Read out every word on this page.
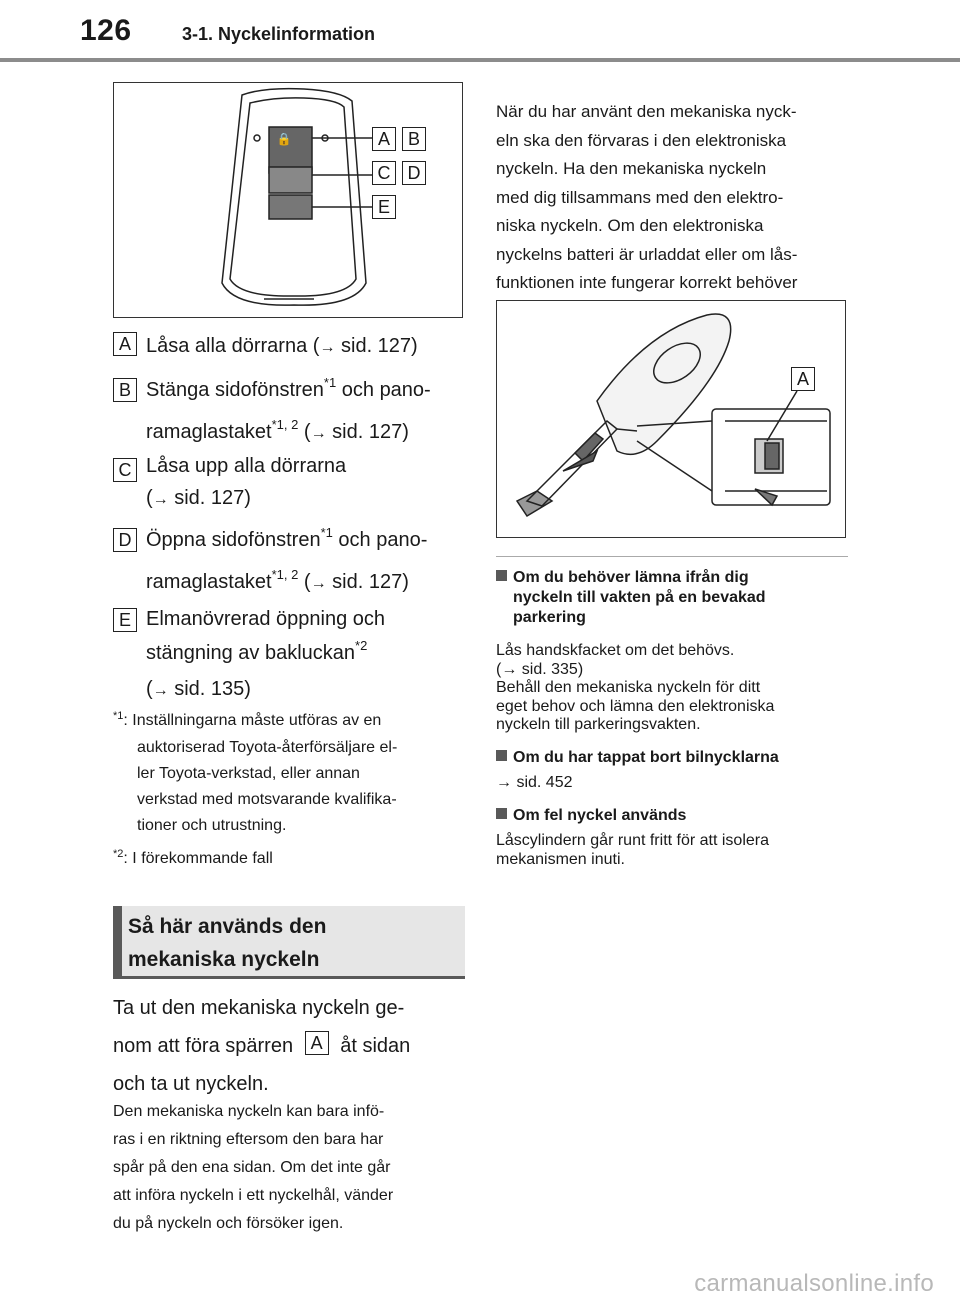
126	3-1. Nyckelinformation
🔒	A B
C D
E
A Låsa alla dörrarna (→ sid. 127)
B Stänga sidofönstren$^{*1}$ och pano-
ramaglastaket$^{*1, 2}$ (→ sid. 127)
C Låsa upp alla dörrarna
(→ sid. 127)
D Öppna sidofönstren$^{*1}$ och pano-
ramaglastaket$^{*1, 2}$ (→ sid. 127)
E Elmanövrerad öppning och
stängning av bakluckan$^{*2}$
(→ sid. 135)
$^{*1}$: Inställningarna måste utföras av en
auktoriserad Toyota-återförsäljare el-
ler Toyota-verkstad, eller annan
verkstad med motsvarande kvalifika-
tioner och utrustning.
$^{*2}$: I förekommande fall
Så här används den
mekaniska nyckeln
Ta ut den mekaniska nyckeln ge-
nom att föra spärren A åt sidan
och ta ut nyckeln.
Den mekaniska nyckeln kan bara infö-
ras i en riktning eftersom den bara har
spår på den ena sidan. Om det inte går
att införa nyckeln i ett nyckelhål, vänder
du på nyckeln och försöker igen.
När du har använt den mekaniska nyck-
eln ska den förvaras i den elektroniska
nyckeln. Ha den mekaniska nyckeln
med dig tillsammans med den elektro-
niska nyckeln. Om den elektroniska
nyckelns batteri är urladdat eller om lås-
funktionen inte fungerar korrekt behöver
A
Om du behöver lämna ifrån dig
nyckeln till vakten på en bevakad
parkering
Lås handskfacket om det behövs.
(→ sid. 335)
Behåll den mekaniska nyckeln för ditt
eget behov och lämna den elektroniska
nyckeln till parkeringsvakten.
Om du har tappat bort bilnycklarna
→ sid. 452
Om fel nyckel används
Låscylindern går runt fritt för att isolera
mekanismen inuti.
carmanualsonline.info
